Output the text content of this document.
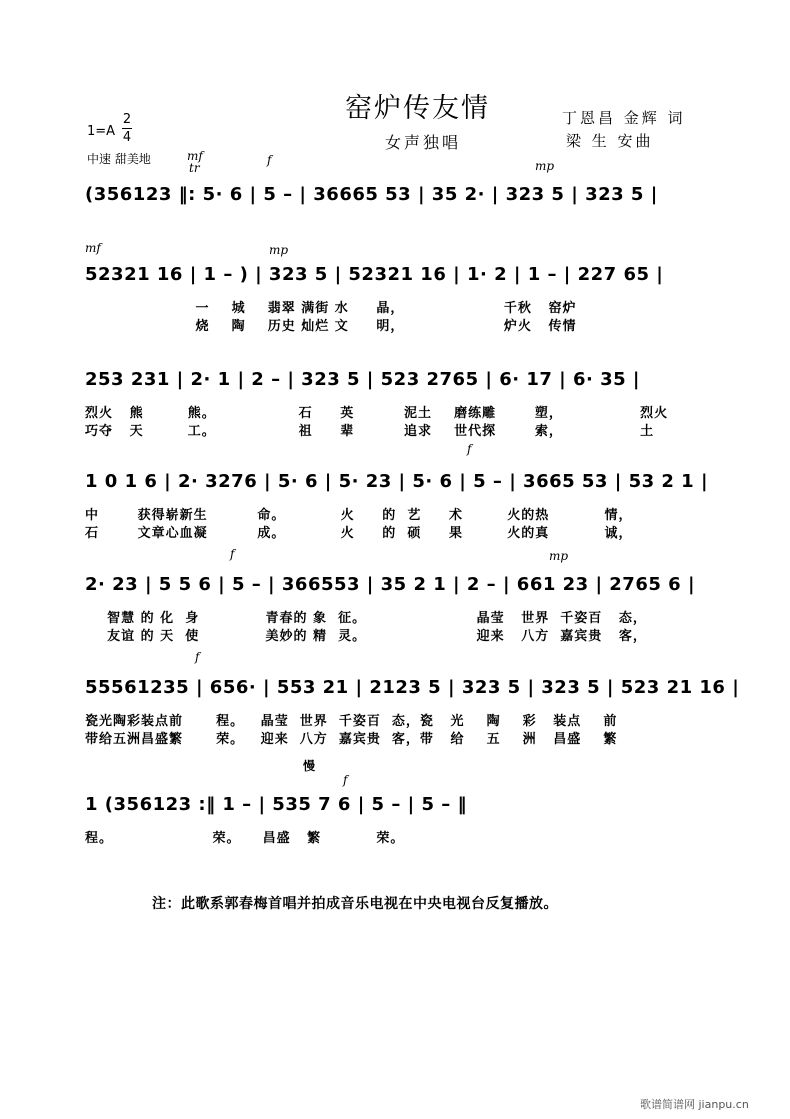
窑炉传友情
女声独唱
丁恩昌 金辉 词
梁 生 安曲
1=A
2
4
中速 甜美地	mf
tr
f	mp
(356123 ‖: 5· 6 | 5 – | 36665 53 | 35 2· | 323 5 | 323 5 |
mf	mp
52321 16 | 1 – ) | 323 5 | 52321 16 | 1· 2 | 1 – | 227 65 |
一    城    翡翠 满街 水     晶，                  千秋   窑炉
烧    陶    历史 灿烂 文     明，                  炉火   传情
253 231 | 2· 1 | 2 – | 323 5 | 523 2765 | 6· 17 | 6· 35 |
烈火   熊        熊。               石     英         泥土    磨练雕       塑，              烈火
巧夺   天        工。               祖     辈         追求    世代探       索，              土
f
1 0 1 6 | 2· 3276 | 5· 6 | 5· 23 | 5· 6 | 5 – | 3665 53 | 53 2 1 |
中       获得崭新生         命。          火     的  艺     术        火的热          情，
石       文章心血凝         成。          火     的  硕     果        火的真          诚，
f	mp
2· 23 | 5 5 6 | 5 – | 366553 | 35 2 1 | 2 – | 661 23 | 2765 6 |
智慧 的 化  身            青春的 象  征。                    晶莹   世界  千姿百   态，
友谊 的 天  使            美妙的 精  灵。                    迎来   八方  嘉宾贵   客，
f
55561235 | 656· | 553 21 | 2123 5 | 323 5 | 323 5 | 523 21 16 |
瓷光陶彩装点前      程。   晶莹  世界  千姿百  态，瓷   光    陶    彩   装点    前
带给五洲昌盛繁      荣。   迎来  八方  嘉宾贵  客，带   给    五    洲   昌盛    繁
慢
f
1 (356123 :‖ 1 – | 535 7 6 | 5 – | 5 – ‖
程。                  荣。    昌盛   繁          荣。
注：此歌系郭春梅首唱并拍成音乐电视在中央电视台反复播放。
歌谱简谱网 jianpu.cn
